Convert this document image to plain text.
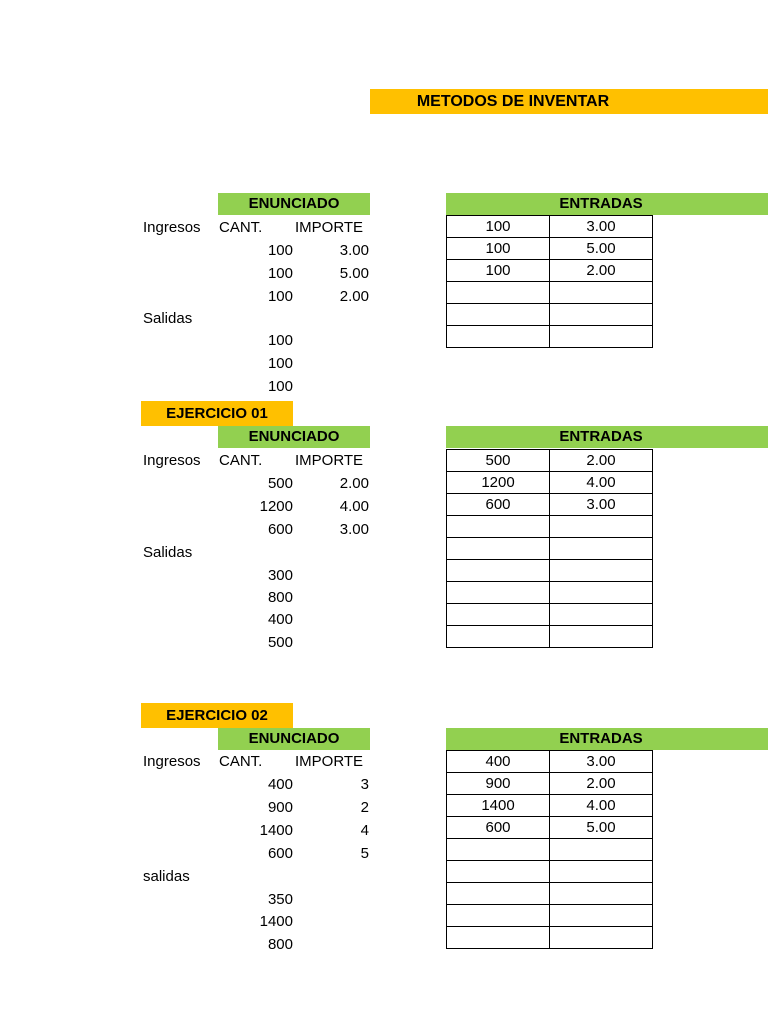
METODOS DE INVENTAR
ENUNCIADO	ENTRADAS
Ingresos CANT. IMPORTE
100	3.00
100	5.00
100	2.00
Salidas
100
100
100
100	3.00
100	5.00
100	2.00

EJERCICIO 01
ENUNCIADO	ENTRADAS
Ingresos CANT. IMPORTE
500	2.00
1200	4.00
600	3.00
Salidas
300
800
400
500
500	2.00
1200	4.00
600	3.00

EJERCICIO 02
ENUNCIADO	ENTRADAS
Ingresos CANT. IMPORTE
400	3
900	2
1400	4
600	5
salidas
350
1400
800
400	3.00
900	2.00
1400	4.00
600	5.00
